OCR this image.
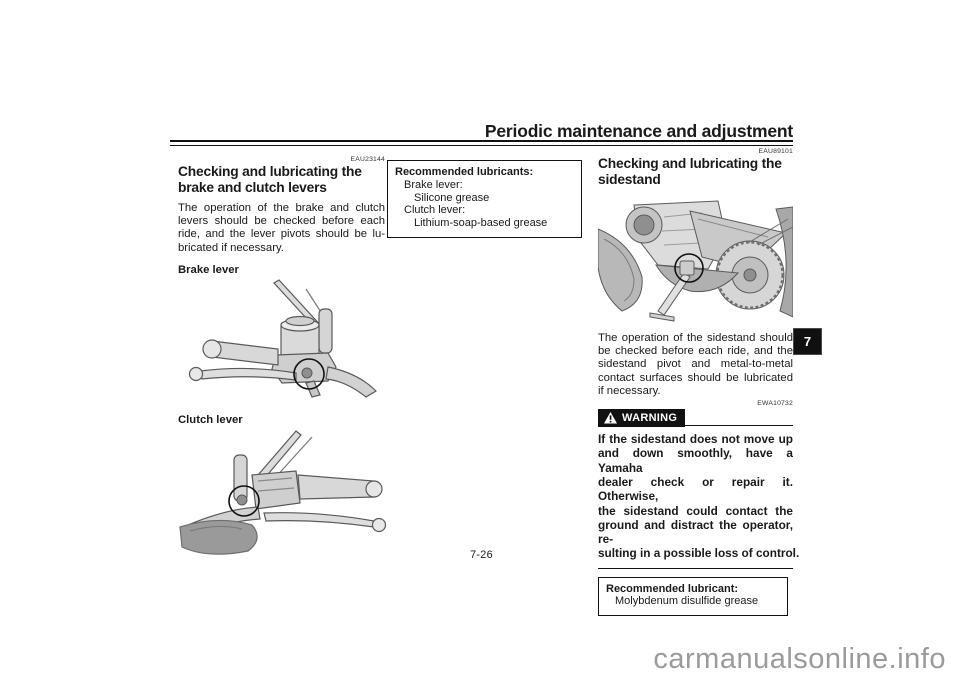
Periodic maintenance and adjustment
EAU23144
Checking and lubricating the brake and clutch levers
The operation of the brake and clutch
levers should be checked before each
ride, and the lever pivots should be lu-
bricated if necessary.
Brake lever
Clutch lever
Recommended lubricants:
Brake lever:
Silicone grease
Clutch lever:
Lithium-soap-based grease
EAU89101
Checking and lubricating the sidestand
The operation of the sidestand should
be checked before each ride, and the
sidestand pivot and metal-to-metal
contact surfaces should be lubricated
if necessary.
EWA10732
WARNING
If the sidestand does not move up
and down smoothly, have a Yamaha
dealer check or repair it. Otherwise,
the sidestand could contact the
ground and distract the operator, re-
sulting in a possible loss of control.
Recommended lubricant:
Molybdenum disulfide grease
7
7-26
carmanualsonline.info
